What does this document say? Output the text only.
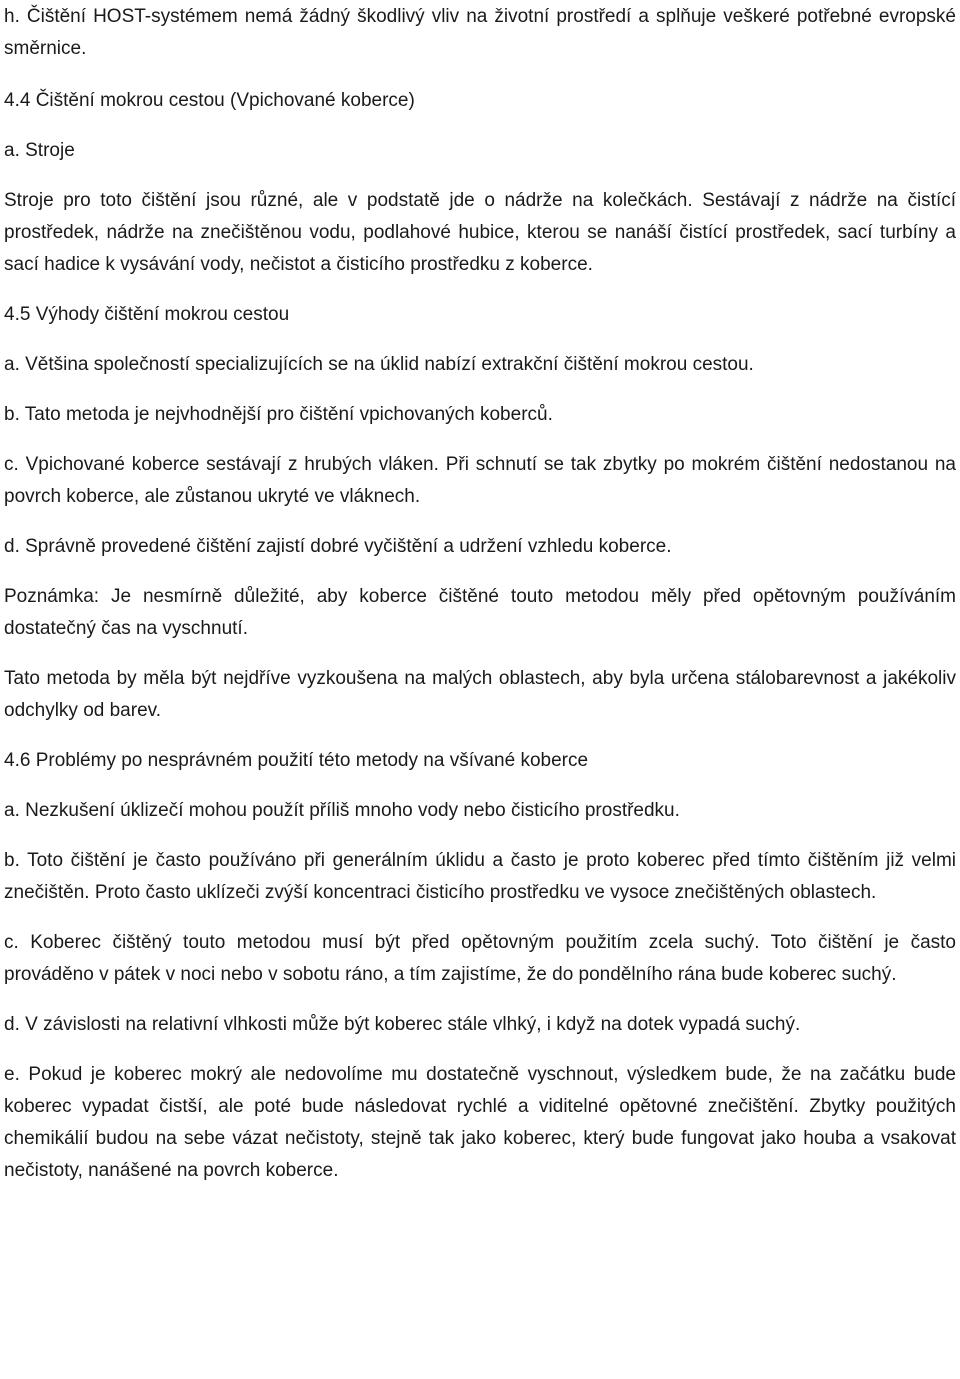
h. Čištění HOST-systémem nemá žádný škodlivý vliv na životní prostředí a splňuje veškeré potřebné evropské směrnice.

4.4 Čištění mokrou cestou (Vpichované koberce)

a. Stroje

Stroje pro toto čištění jsou různé, ale v podstatě jde o nádrže na kolečkách. Sestávají z nádrže na čistící prostředek, nádrže na znečištěnou vodu, podlahové hubice, kterou se nanáší čistící prostředek, sací turbíny a sací hadice k vysávání vody, nečistot a čisticího prostředku z koberce.

4.5 Výhody čištění mokrou cestou

a. Většina společností specializujících se na úklid nabízí extrakční čištění mokrou cestou.

b. Tato metoda je nejvhodnější pro čištění vpichovaných koberců.

c. Vpichované koberce sestávají z hrubých vláken. Při schnutí se tak zbytky po mokrém čištění nedostanou na povrch koberce, ale zůstanou ukryté ve vláknech.

d. Správně provedené čištění zajistí dobré vyčištění a udržení vzhledu koberce.

Poznámka: Je nesmírně důležité, aby koberce čištěné touto metodou měly před opětovným používáním dostatečný čas na vyschnutí.

Tato metoda by měla být nejdříve vyzkoušena na malých oblastech, aby byla určena stálobarevnost a jakékoliv odchylky od barev.

4.6 Problémy po nesprávném použití této metody na všívané koberce

a. Nezkušení úklizečí mohou použít příliš mnoho vody nebo čisticího prostředku.

b. Toto čištění je často používáno při generálním úklidu a často je proto koberec před tímto čištěním již velmi znečištěn. Proto často uklízeči zvýší koncentraci čisticího prostředku ve vysoce znečištěných oblastech.

c. Koberec čištěný touto metodou musí být před opětovným použitím zcela suchý. Toto čištění je často prováděno v pátek v noci nebo v sobotu ráno, a tím zajistíme, že do pondělního rána bude koberec suchý.

d. V závislosti na relativní vlhkosti může být koberec stále vlhký, i když na dotek vypadá suchý.

e. Pokud je koberec mokrý ale nedovolíme mu dostatečně vyschnout, výsledkem bude, že na začátku bude koberec vypadat čistší, ale poté bude následovat rychlé a viditelné opětovné znečištění. Zbytky použitých chemikálií budou na sebe vázat nečistoty, stejně tak jako koberec, který bude fungovat jako houba a vsakovat nečistoty, nanášené na povrch koberce.
